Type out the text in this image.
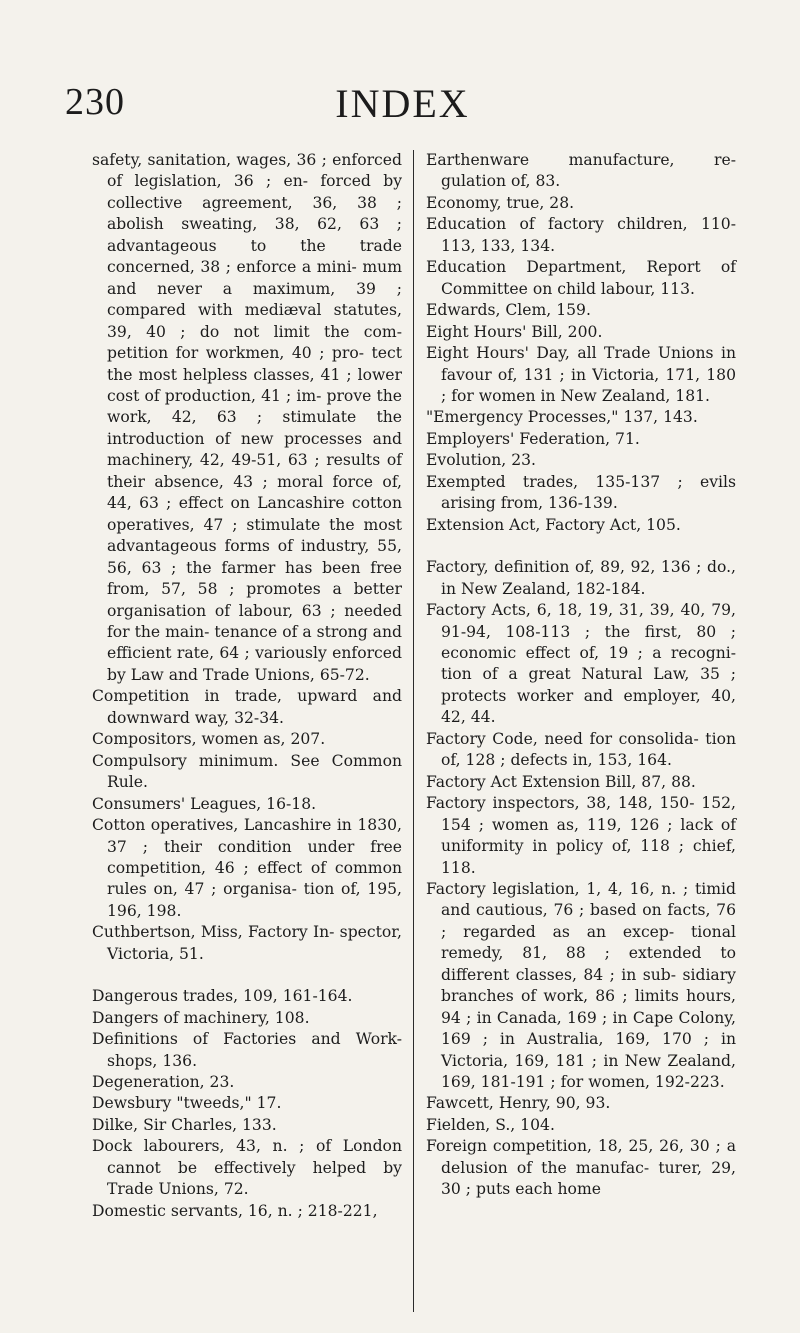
230	INDEX

safety, sanitation, wages, 36 ; enforced of legislation, 36 ; en- forced by collective agreement, 36, 38 ; abolish sweating, 38, 62, 63 ; advantageous to the trade concerned, 38 ; enforce a mini- mum and never a maximum, 39 ; compared with mediæval statutes, 39, 40 ; do not limit the com- petition for workmen, 40 ; pro- tect the most helpless classes, 41 ; lower cost of production, 41 ; im- prove the work, 42, 63 ; stimulate the introduction of new processes and machinery, 42, 49-51, 63 ; results of their absence, 43 ; moral force of, 44, 63 ; effect on Lancashire cotton operatives, 47 ; stimulate the most advantageous forms of industry, 55, 56, 63 ; the farmer has been free from, 57, 58 ; promotes a better organisation of labour, 63 ; needed for the main- tenance of a strong and efficient rate, 64 ; variously enforced by Law and Trade Unions, 65-72.

Competition in trade, upward and downward way, 32-34.

Compositors, women as, 207.

Compulsory minimum. See Common Rule.

Consumers' Leagues, 16-18.

Cotton operatives, Lancashire in 1830, 37 ; their condition under free competition, 46 ; effect of common rules on, 47 ; organisa- tion of, 195, 196, 198.

Cuthbertson, Miss, Factory In- spector, Victoria, 51.

Dangerous trades, 109, 161-164.

Dangers of machinery, 108.

Definitions of Factories and Work- shops, 136.

Degeneration, 23.

Dewsbury "tweeds," 17.

Dilke, Sir Charles, 133.

Dock labourers, 43, n. ; of London cannot be effectively helped by Trade Unions, 72.

Domestic servants, 16, n. ; 218-221,

Earthenware manufacture, re- gulation of, 83.

Economy, true, 28.

Education of factory children, 110- 113, 133, 134.

Education Department, Report of Committee on child labour, 113.

Edwards, Clem, 159.

Eight Hours' Bill, 200.

Eight Hours' Day, all Trade Unions in favour of, 131 ; in Victoria, 171, 180 ; for women in New Zealand, 181.

"Emergency Processes," 137, 143.

Employers' Federation, 71.

Evolution, 23.

Exempted trades, 135-137 ; evils arising from, 136-139.

Extension Act, Factory Act, 105.

Factory, definition of, 89, 92, 136 ; do., in New Zealand, 182-184.

Factory Acts, 6, 18, 19, 31, 39, 40, 79, 91-94, 108-113 ; the first, 80 ; economic effect of, 19 ; a recogni- tion of a great Natural Law, 35 ; protects worker and employer, 40, 42, 44.

Factory Code, need for consolida- tion of, 128 ; defects in, 153, 164.

Factory Act Extension Bill, 87, 88.

Factory inspectors, 38, 148, 150- 152, 154 ; women as, 119, 126 ; lack of uniformity in policy of, 118 ; chief, 118.

Factory legislation, 1, 4, 16, n. ; timid and cautious, 76 ; based on facts, 76 ; regarded as an excep- tional remedy, 81, 88 ; extended to different classes, 84 ; in sub- sidiary branches of work, 86 ; limits hours, 94 ; in Canada, 169 ; in Cape Colony, 169 ; in Australia, 169, 170 ; in Victoria, 169, 181 ; in New Zealand, 169, 181-191 ; for women, 192-223.

Fawcett, Henry, 90, 93.

Fielden, S., 104.

Foreign competition, 18, 25, 26, 30 ; a delusion of the manufac- turer, 29, 30 ; puts each home
